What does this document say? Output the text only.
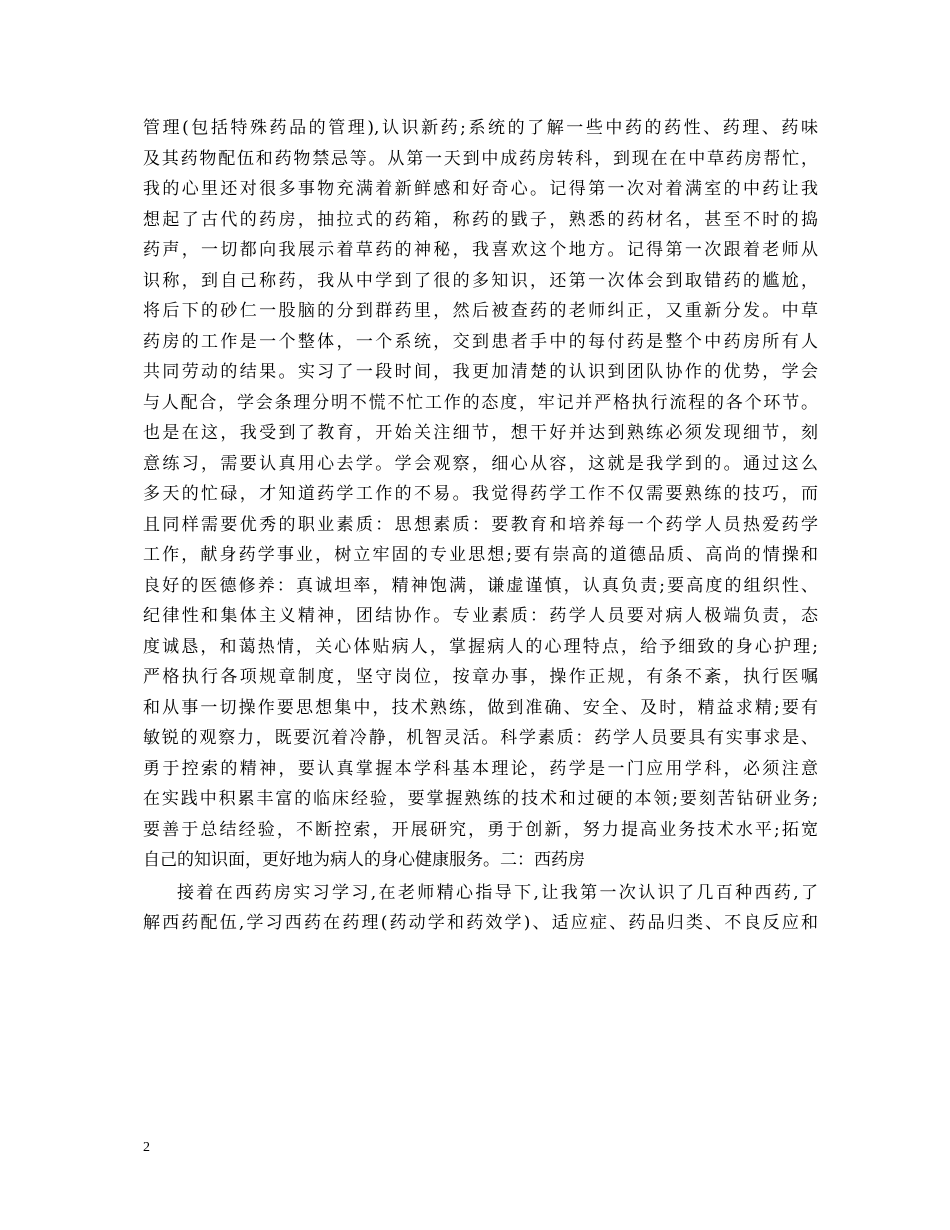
管理(包括特殊药品的管理),认识新药;系统的了解一些中药的药性、药理、药味
及其药物配伍和药物禁忌等。从第一天到中成药房转科，到现在在中草药房帮忙，
我的心里还对很多事物充满着新鲜感和好奇心。记得第一次对着满室的中药让我
想起了古代的药房，抽拉式的药箱，称药的戥子，熟悉的药材名，甚至不时的捣
药声，一切都向我展示着草药的神秘，我喜欢这个地方。记得第一次跟着老师从
识称，到自己称药，我从中学到了很的多知识，还第一次体会到取错药的尴尬，
将后下的砂仁一股脑的分到群药里，然后被查药的老师纠正，又重新分发。中草
药房的工作是一个整体，一个系统，交到患者手中的每付药是整个中药房所有人
共同劳动的结果。实习了一段时间，我更加清楚的认识到团队协作的优势，学会
与人配合，学会条理分明不慌不忙工作的态度，牢记并严格执行流程的各个环节。
也是在这，我受到了教育，开始关注细节，想干好并达到熟练必须发现细节，刻
意练习，需要认真用心去学。学会观察，细心从容，这就是我学到的。通过这么
多天的忙碌，才知道药学工作的不易。我觉得药学工作不仅需要熟练的技巧，而
且同样需要优秀的职业素质：思想素质：要教育和培养每一个药学人员热爱药学
工作，献身药学事业，树立牢固的专业思想;要有崇高的道德品质、高尚的情操和
良好的医德修养：真诚坦率，精神饱满，谦虚谨慎，认真负责;要高度的组织性、
纪律性和集体主义精神，团结协作。专业素质：药学人员要对病人极端负责，态
度诚恳，和蔼热情，关心体贴病人，掌握病人的心理特点，给予细致的身心护理;
严格执行各项规章制度，坚守岗位，按章办事，操作正规，有条不紊，执行医嘱
和从事一切操作要思想集中，技术熟练，做到准确、安全、及时，精益求精;要有
敏锐的观察力，既要沉着冷静，机智灵活。科学素质：药学人员要具有实事求是、
勇于控索的精神，要认真掌握本学科基本理论，药学是一门应用学科，必须注意
在实践中积累丰富的临床经验，要掌握熟练的技术和过硬的本领;要刻苦钻研业务;
要善于总结经验，不断控索，开展研究，勇于创新，努力提高业务技术水平;拓宽
自己的知识面，更好地为病人的身心健康服务。二：西药房
接着在西药房实习学习,在老师精心指导下,让我第一次认识了几百种西药,了
解西药配伍,学习西药在药理(药动学和药效学)、适应症、药品归类、不良反应和
2
